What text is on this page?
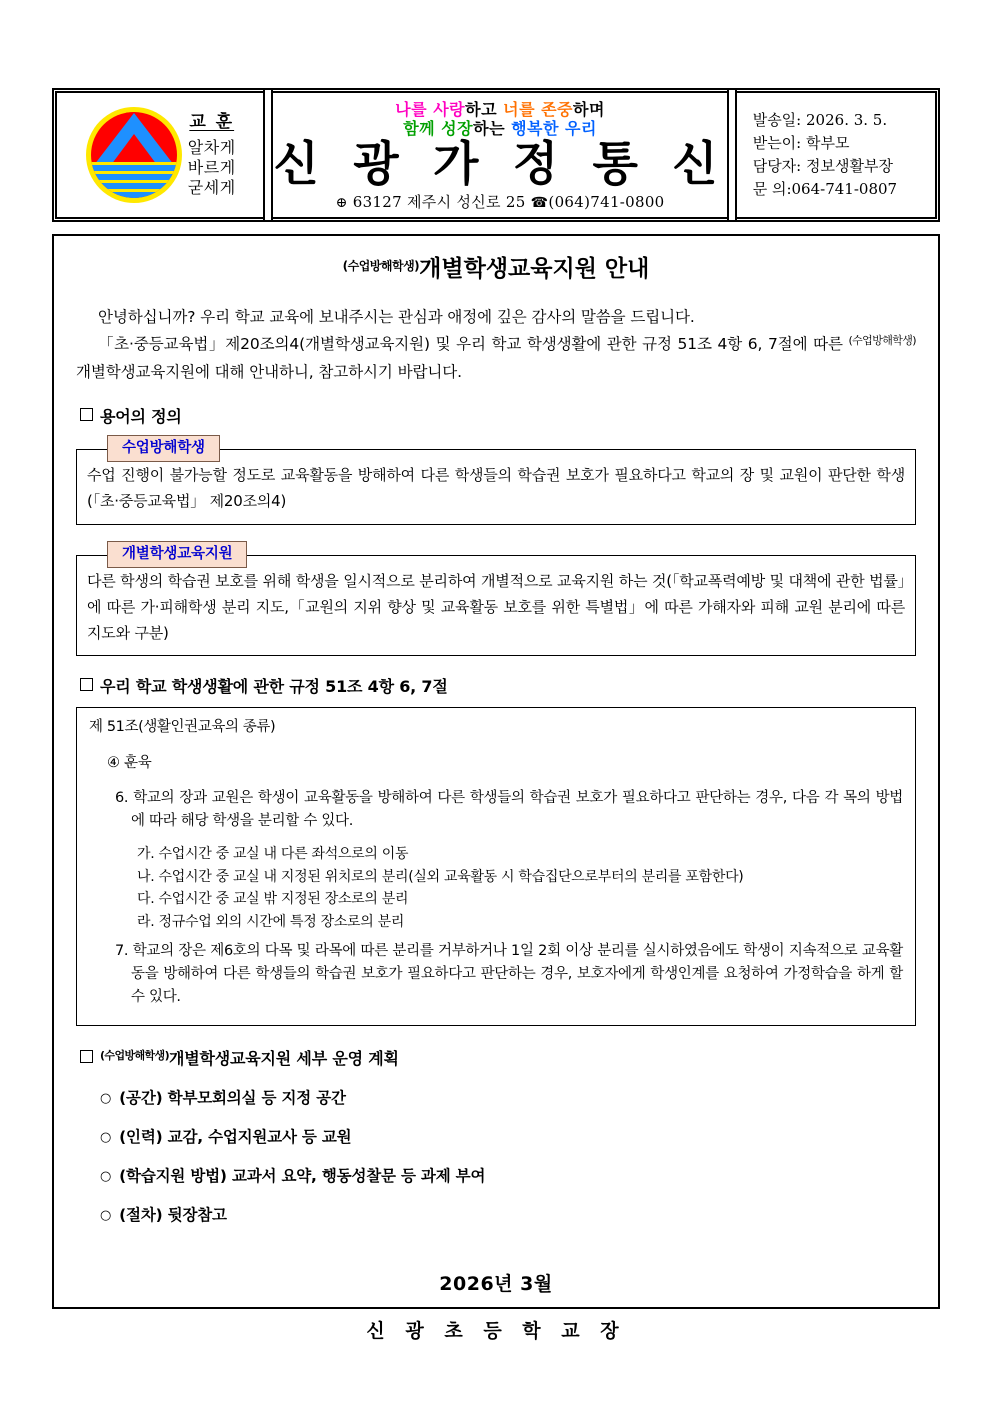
교 훈
알차게
바르게
굳세게
나를 사랑하고 너를 존중하며
함께 성장하는 행복한 우리
신 광 가 정 통 신
⊕ 63127 제주시 성신로 25 ☎(064)741-0800
발송일: 2026. 3. 5.
받는이: 학부모
담당자: 정보생활부장
문 의:064-741-0807
$^{(수업방해학생)}$개별학생교육지원 안내
안녕하십니까? 우리 학교 교육에 보내주시는 관심과 애정에 깊은 감사의 말씀을 드립니다.
「초·중등교육법」제20조의4(개별학생교육지원) 및 우리 학교 학생생활에 관한 규정 51조 4항 6, 7절에 따른 $^{(수업방해학생)}$개별학생교육지원에 대해 안내하니, 참고하시기 바랍니다.
용어의 정의
수업방해학생
수업 진행이 불가능할 정도로 교육활동을 방해하여 다른 학생들의 학습권 보호가 필요하다고 학교의 장 및 교원이 판단한 학생 (「초·중등교육법」 제20조의4)
개별학생교육지원
다른 학생의 학습권 보호를 위해 학생을 일시적으로 분리하여 개별적으로 교육지원 하는 것(「학교폭력예방 및 대책에 관한 법률」에 따른 가·피해학생 분리 지도,「교원의 지위 향상 및 교육활동 보호를 위한 특별법」에 따른 가해자와 피해 교원 분리에 따른 지도와 구분)
우리 학교 학생생활에 관한 규정 51조 4항 6, 7절
제 51조(생활인권교육의 종류)
④ 훈육
6. 학교의 장과 교원은 학생이 교육활동을 방해하여 다른 학생들의 학습권 보호가 필요하다고 판단하는 경우, 다음 각 목의 방법에 따라 해당 학생을 분리할 수 있다.
가. 수업시간 중 교실 내 다른 좌석으로의 이동
나. 수업시간 중 교실 내 지정된 위치로의 분리(실외 교육활동 시 학습집단으로부터의 분리를 포함한다)
다. 수업시간 중 교실 밖 지정된 장소로의 분리
라. 정규수업 외의 시간에 특정 장소로의 분리
7. 학교의 장은 제6호의 다목 및 라목에 따른 분리를 거부하거나 1일 2회 이상 분리를 실시하였음에도 학생이 지속적으로 교육활동을 방해하여 다른 학생들의 학습권 보호가 필요하다고 판단하는 경우, 보호자에게 학생인계를 요청하여 가정학습을 하게 할 수 있다.
$^{(수업방해학생)}$개별학생교육지원 세부 운영 계획
○ (공간) 학부모회의실 등 지정 공간
○ (인력) 교감, 수업지원교사 등 교원
○ (학습지원 방법) 교과서 요약, 행동성찰문 등 과제 부여
○ (절차) 뒷장참고
2026년 3월
신 광 초 등 학 교 장
